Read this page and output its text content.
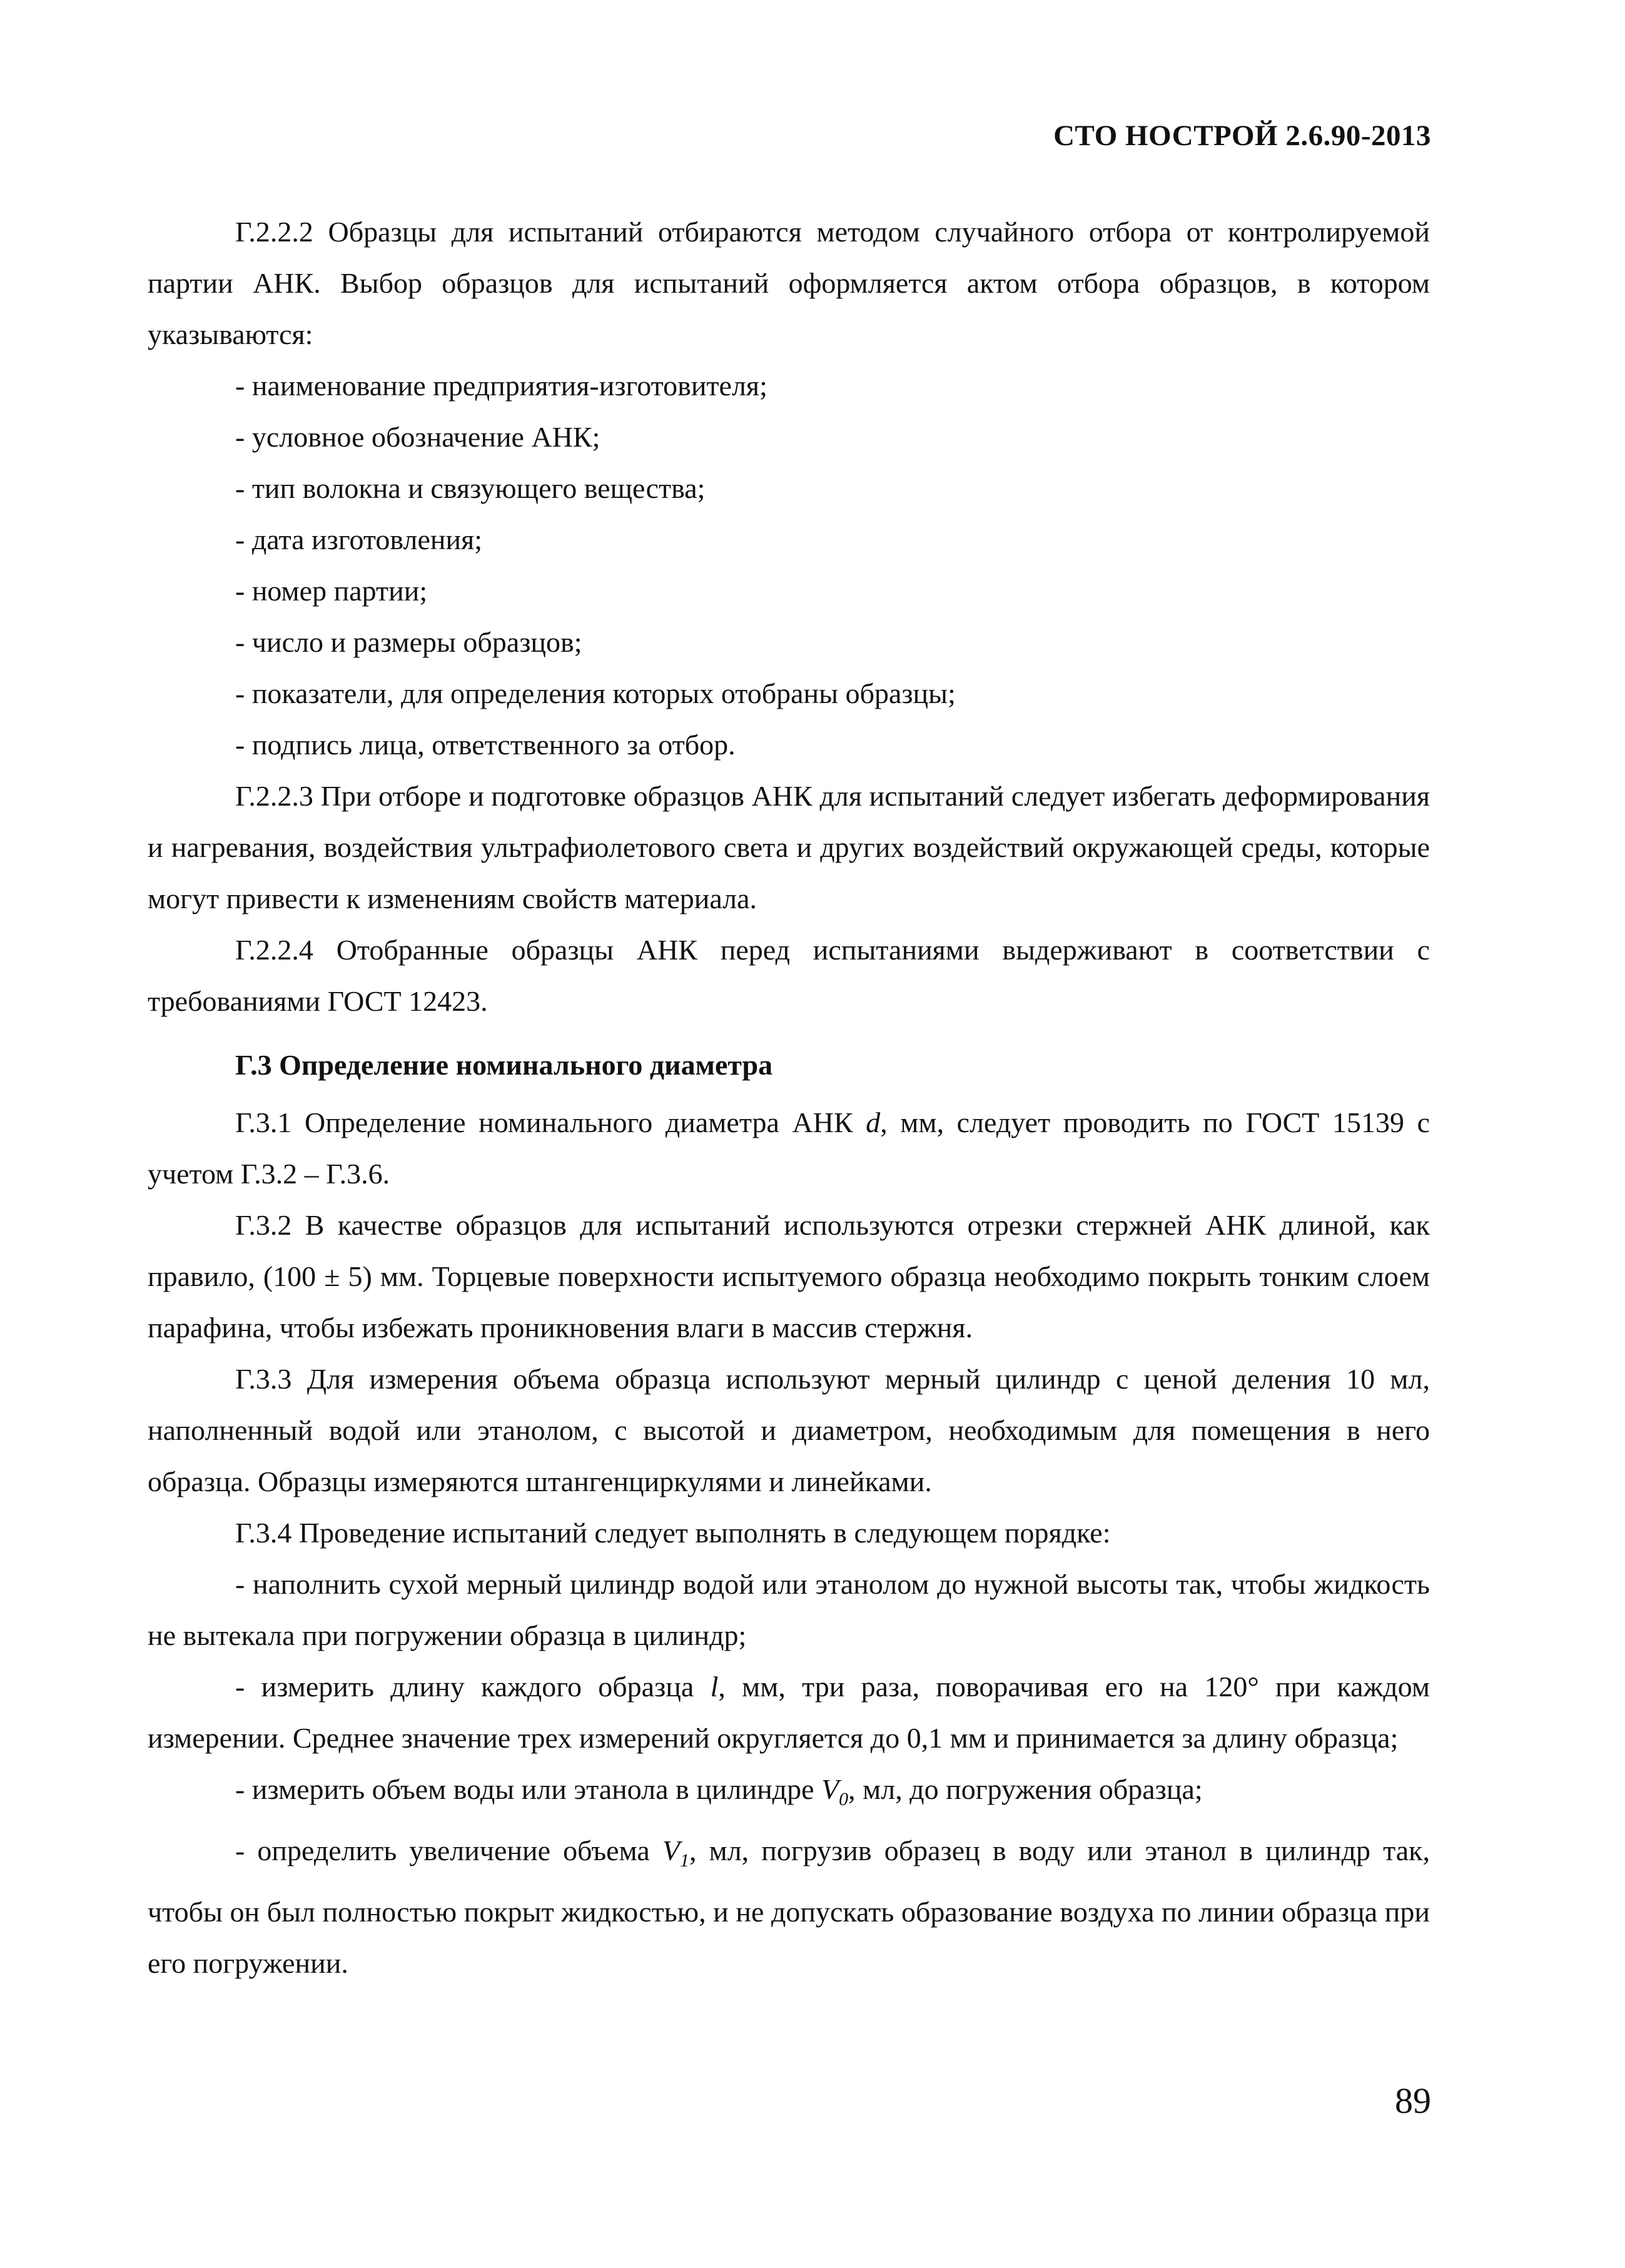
СТО НОСТРОЙ 2.6.90-2013

Г.2.2.2 Образцы для испытаний отбираются методом случайного отбора от контролируемой партии АНК. Выбор образцов для испытаний оформляется актом отбора образцов, в котором указываются:

- наименование предприятия-изготовителя;

- условное обозначение АНК;

- тип волокна и связующего вещества;

- дата изготовления;

- номер партии;

- число и размеры образцов;

- показатели, для определения которых отобраны образцы;

- подпись лица, ответственного за отбор.

Г.2.2.3 При отборе и подготовке образцов АНК для испытаний следует избегать деформирования и нагревания, воздействия ультрафиолетового света и других воздействий окружающей среды, которые могут привести к изменениям свойств материала.

Г.2.2.4 Отобранные образцы АНК перед испытаниями выдерживают в соответствии с требованиями ГОСТ 12423.

Г.3 Определение номинального диаметра

Г.3.1 Определение номинального диаметра АНК d, мм, следует проводить по ГОСТ 15139 с учетом Г.3.2 – Г.3.6.

Г.3.2 В качестве образцов для испытаний используются отрезки стержней АНК длиной, как правило, (100 ± 5) мм. Торцевые поверхности испытуемого образца необходимо покрыть тонким слоем парафина, чтобы избежать проникновения влаги в массив стержня.

Г.3.3 Для измерения объема образца используют мерный цилиндр с ценой деления 10 мл, наполненный водой или этанолом, с высотой и диаметром, необходимым для помещения в него образца. Образцы измеряются штангенциркулями и линейками.

Г.3.4 Проведение испытаний следует выполнять в следующем порядке:

- наполнить сухой мерный цилиндр водой или этанолом до нужной высоты так, чтобы жидкость не вытекала при погружении образца в цилиндр;

- измерить длину каждого образца l, мм, три раза, поворачивая его на 120° при каждом измерении. Среднее значение трех измерений округляется до 0,1 мм и принимается за длину образца;

- измерить объем воды или этанола в цилиндре $V_0$, мл, до погружения образца;

- определить увеличение объема $V_1$, мл, погрузив образец в воду или этанол в цилиндр так, чтобы он был полностью покрыт жидкостью, и не допускать образование воздуха по линии образца при его погружении.

89
